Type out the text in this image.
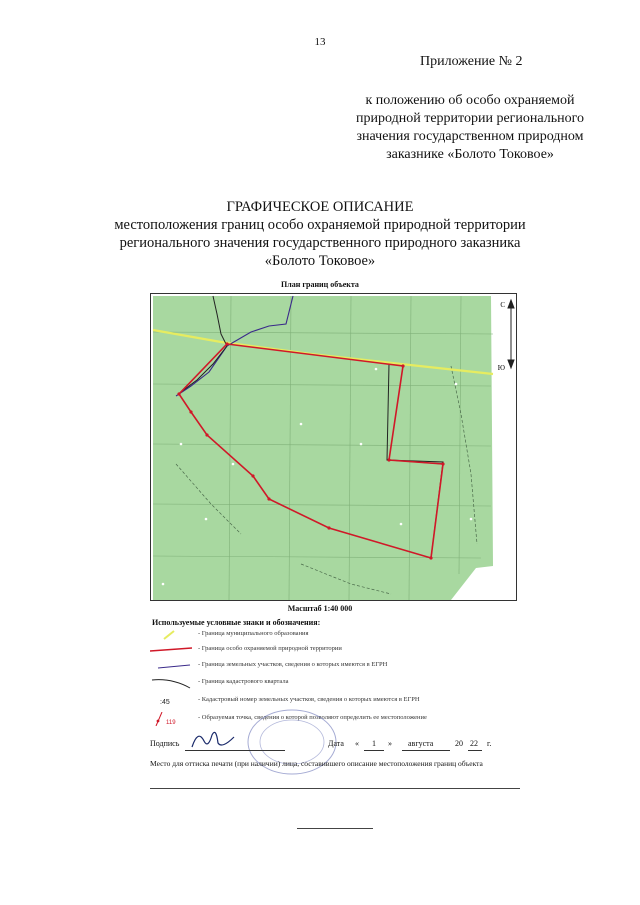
13
Приложение № 2
к положению об особо охраняемой
природной территории регионального
значения государственном природном
заказнике «Болото Токовое»
ГРАФИЧЕСКОЕ ОПИСАНИЕ
местоположения границ особо охраняемой природной территории
регионального значения государственного природного заказника
«Болото Токовое»
План границ объекта
С
Ю
Масштаб 1:40 000
Используемые условные знаки и обозначения:
- Граница муниципального образования
- Граница особо охраняемой природной территории
- Граница земельных участков, сведения о которых имеются в ЕГРН
- Граница кадастрового квартала
:45	- Кадастровый номер земельных участков, сведения о которых имеются в ЕГРН
119
- Образуемая точка, сведения о которой позволяют определить ее местоположение
Подпись	Дата « 1 » августа	20 22 г.
Место для оттиска печати (при наличии) лица, составившего описание местоположения границ объекта
